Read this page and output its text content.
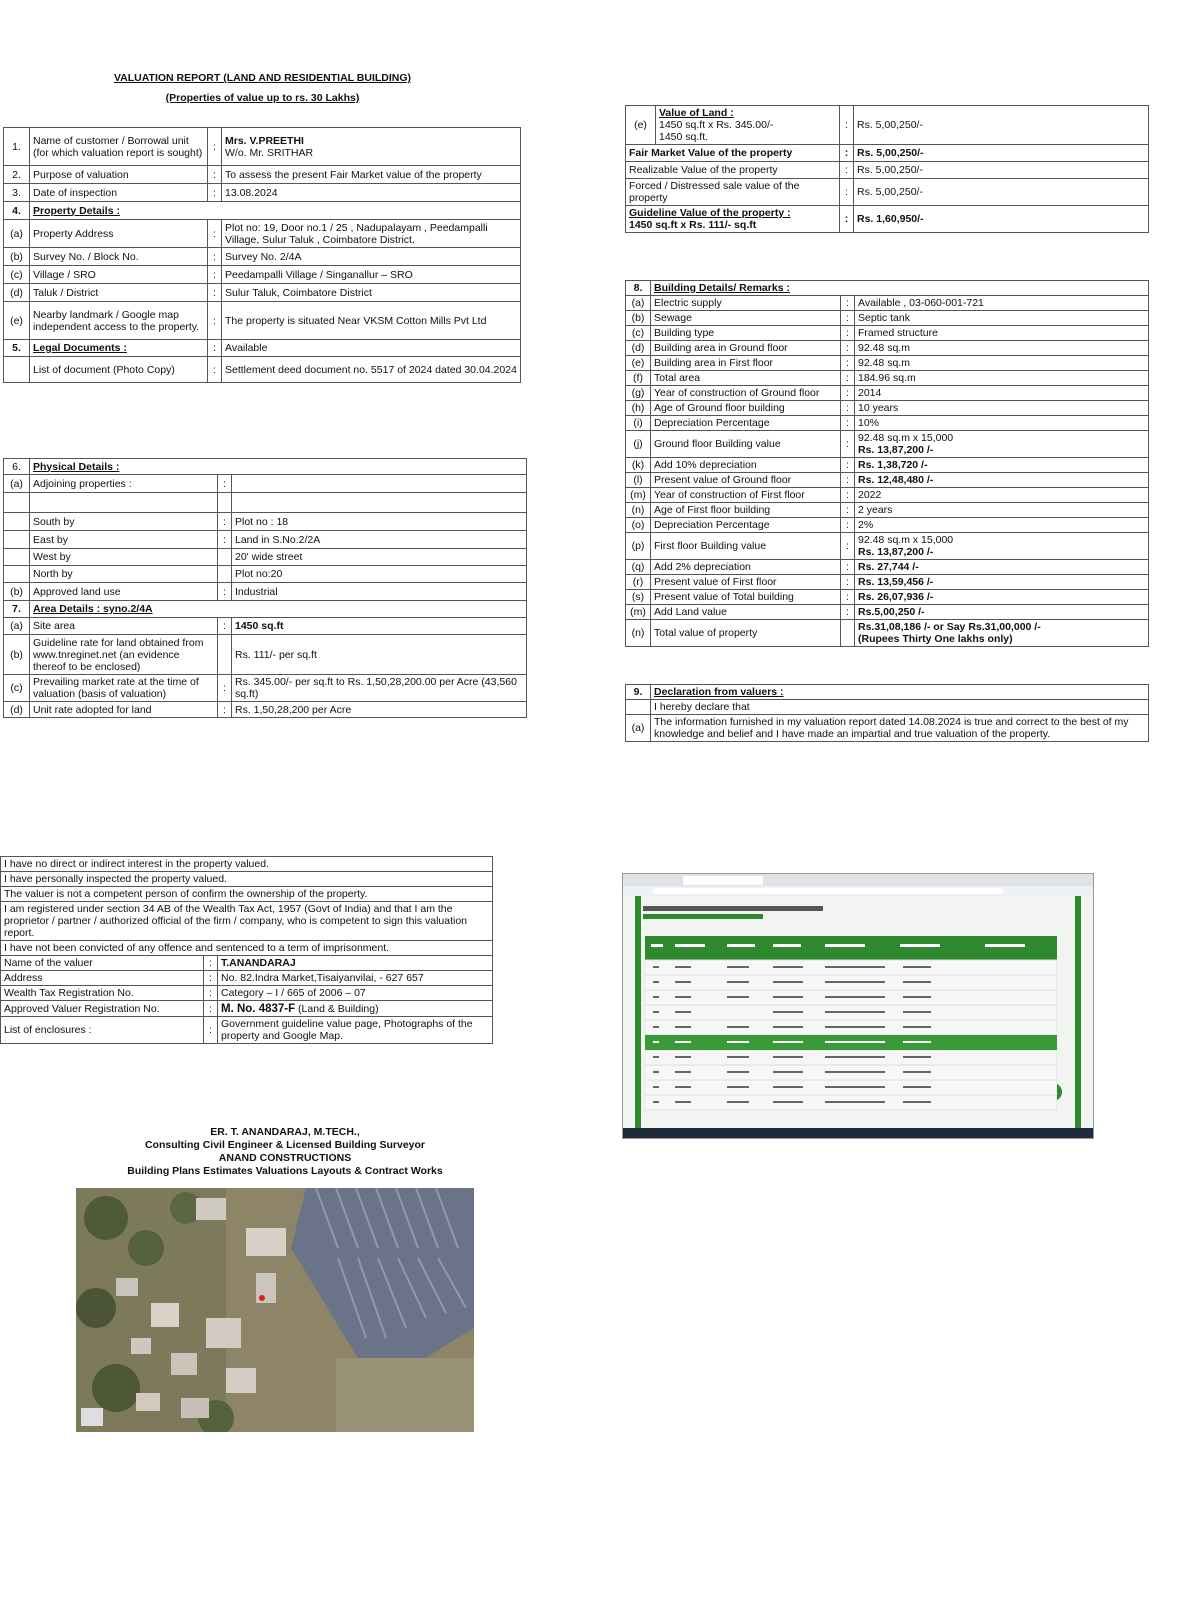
VALUATION REPORT (LAND AND RESIDENTIAL BUILDING)
(Properties of value up to rs. 30 Lakhs)
1.	Name of customer / Borrowal unit (for which valuation report is sought)	:	Mrs. V.PREETHI
W/o. Mr. SRITHAR

2.	Purpose of valuation	:	To assess the present Fair Market value of the property
3.	Date of inspection	:	13.08.2024
4.	Property Details :		
(a)	Property Address	:	Plot no: 19, Door no.1 / 25 , Nadupalayam , Peedampalli Village, Sulur Taluk , Coimbatore District.
(b)	Survey No. / Block No.	:	Survey No. 2/4A
(c)	Village / SRO	:	Peedampalli Village / Singanallur – SRO
(d)	Taluk / District	:	Sulur Taluk, Coimbatore District
(e)	Nearby landmark / Google map independent access to the property.	:	The property is situated Near VKSM Cotton Mills Pvt Ltd
5.	Legal Documents :	:	Available
	List of document (Photo Copy)	:	Settlement deed document no. 5517 of 2024 dated 30.04.2024
6.	Physical Details :		
(a)	Adjoining properties :	:	

	South by	:	Plot no : 18
	East by	:	Land in S.No.2/2A
	West by		20' wide street
	North by		Plot no:20
(b)	Approved land use	:	Industrial
7.	Area Details : syno.2/4A		
(a)	Site area	:	1450 sq.ft
(b)	Guideline rate for land obtained from www.tnreginet.net (an evidence thereof to be enclosed)		Rs. 111/- per sq.ft
(c)	Prevailing market rate at the time of valuation (basis of valuation)	:	Rs. 345.00/- per sq.ft to Rs. 1,50,28,200.00 per Acre (43,560 sq.ft)
(d)	Unit rate adopted for land	:	Rs. 1,50,28,200 per Acre
(e)	Value of Land :
1450 sq.ft x Rs. 345.00/-
1450 sq.ft.	:	Rs. 5,00,250/-
Fair Market Value of the property		:	Rs. 5,00,250/-
Realizable Value of the property		:	Rs. 5,00,250/-
Forced / Distressed sale value of the property		:	Rs. 5,00,250/-

Guideline Value of the property :
1450 sq.ft x Rs. 111/- sq.ft		:	Rs. 1,60,950/-
8.	Building Details/ Remarks :		
(a)	Electric supply	:	Available , 03-060-001-721
(b)	Sewage	:	Septic tank
(c)	Building type	:	Framed structure
(d)	Building area in Ground floor	:	92.48 sq.m
(e)	Building area in First floor	:	92.48 sq.m
(f)	Total area	:	184.96 sq.m
(g)	Year of construction of Ground floor	:	2014
(h)	Age of Ground floor building	:	10 years
(i)	Depreciation Percentage	:	10%
(j)	Ground floor Building value	:	92.48 sq.m x 15,000
Rs. 13,87,200 /-

(k)	Add 10% depreciation	:	Rs. 1,38,720 /-
(l)	Present value of Ground floor	:	Rs. 12,48,480 /-
(m)	Year of construction of First floor	:	2022
(n)	Age of First floor building	:	2 years
(o)	Depreciation Percentage	:	2%
(p)	First floor Building value	:	92.48 sq.m x 15,000
Rs. 13,87,200 /-

(q)	Add 2% depreciation	:	Rs. 27,744 /-
(r)	Present value of First floor	:	Rs. 13,59,456 /-
(s)	Present value of Total building	:	Rs. 26,07,936 /-
(m)	Add Land value	:	Rs.5,00,250 /-
(n)	Total value of property		Rs.31,08,186 /- or Say Rs.31,00,000 /-
(Rupees Thirty One lakhs only)
9.	Declaration from valuers :
	I hereby declare that
(a)	The information furnished in my valuation report dated 14.08.2024 is true and correct to the best of my knowledge and belief and I have made an impartial and true valuation of the property.
I have no direct or indirect interest in the property valued.		
I have personally inspected the property valued.		
The valuer is not a competent person of confirm the ownership of the property.		
I am registered under section 34 AB of the Wealth Tax Act, 1957 (Govt of India) and that I am the proprietor / partner / authorized official of the firm / company, who is competent to sign this valuation report.		
I have not been convicted of any offence and sentenced to a term of imprisonment.		
Name of the valuer	:	T.ANANDARAJ
Address	:	No. 82.Indra Market,Tisaiyanvilai, - 627 657
Wealth Tax Registration No.	:	Category – I / 665 of 2006 – 07
Approved Valuer Registration No.	:	M. No. 4837-F (Land & Building)
List of enclosures :	:	Government guideline value page, Photographs of the property and Google Map.
ER. T. ANANDARAJ, M.TECH.,
Consulting Civil Engineer & Licensed Building Surveyor
ANAND CONSTRUCTIONS
Building Plans Estimates Valuations Layouts & Contract Works
